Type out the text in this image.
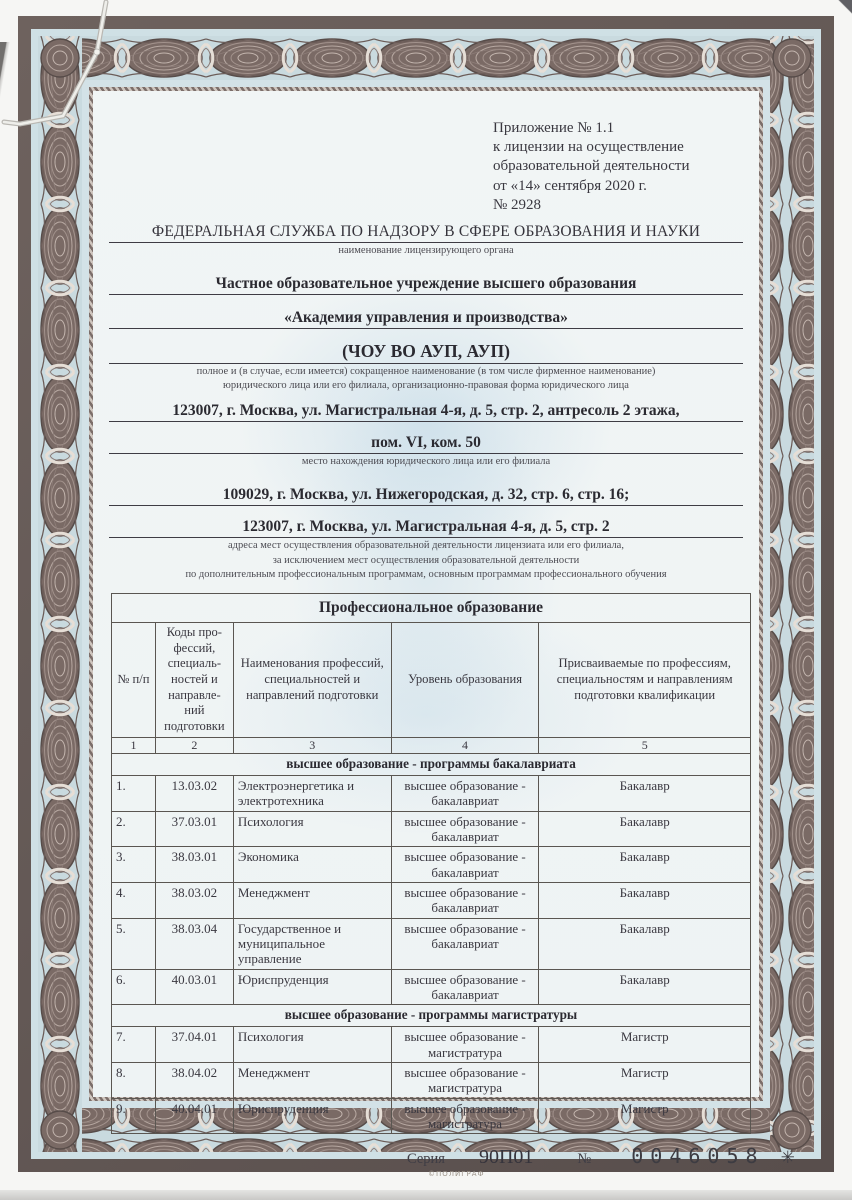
Приложение № 1.1
к лицензии на осуществление
образовательной деятельности
от «14» сентября 2020 г.
№ 2928
ФЕДЕРАЛЬНАЯ СЛУЖБА ПО НАДЗОРУ В СФЕРЕ ОБРАЗОВАНИЯ И НАУКИ
наименование лицензирующего органа
Частное образовательное учреждение высшего образования
«Академия управления и производства»
(ЧОУ ВО АУП, АУП)
полное и (в случае, если имеется) сокращенное наименование (в том числе фирменное наименование)
юридического лица или его филиала, организационно-правовая форма юридического лица
123007, г. Москва, ул. Магистральная 4-я, д. 5, стр. 2, антресоль 2 этажа,
пом. VI, ком. 50
место нахождения юридического лица или его филиала
109029, г. Москва, ул. Нижегородская, д. 32, стр. 6, стр. 16;
123007, г. Москва, ул. Магистральная 4-я, д. 5, стр. 2
адреса мест осуществления образовательной деятельности лицензиата или его филиала,
за исключением мест осуществления образовательной деятельности
по дополнительным профессиональным программам, основным программам профессионального обучения
Профессиональное образование				
№ п/п	Коды про- фессий, специаль- ностей и направле- ний подготовки	Наименования профессий, специальностей и направлений подготовки	Уровень образования	Присваиваемые по профессиям, специальностям и направлениям подготовки квалификации
1	2	3	4	5
высшее образование - программы бакалавриата				
1.	13.03.02	Электроэнергетика и электротехника	высшее образование - бакалавриат	Бакалавр
2.	37.03.01	Психология	высшее образование - бакалавриат	Бакалавр
3.	38.03.01	Экономика	высшее образование - бакалавриат	Бакалавр
4.	38.03.02	Менеджмент	высшее образование - бакалавриат	Бакалавр
5.	38.03.04	Государственное и муниципальное управление	высшее образование - бакалавриат	Бакалавр
6.	40.03.01	Юриспруденция	высшее образование - бакалавриат	Бакалавр
высшее образование - программы магистратуры				
7.	37.04.01	Психология	высшее образование - магистратура	Магистр
8.	38.04.02	Менеджмент	высшее образование - магистратура	Магистр
9.	40.04.01	Юриспруденция	высшее образование - магистратура	Магистр
Серия 90П01	№ 0046058 ✳
©ПОЛИГРАФ
